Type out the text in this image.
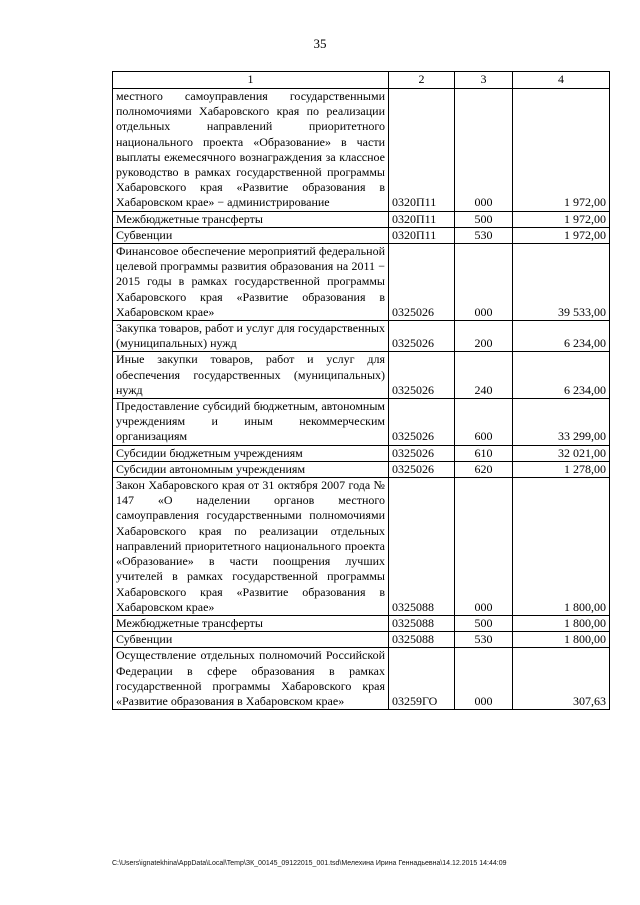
35
1	2	3	4
местного самоуправления государственными полномочиями Хабаровского края по реализации отдельных направлений приоритетного национального проекта «Образование» в части выплаты ежемесячного вознаграждения за классное руководство в рамках государственной программы Хабаровского края «Развитие образования в Хабаровском крае» − администрирование	0320П11	000	1 972,00
Межбюджетные трансферты	0320П11	500	1 972,00
Субвенции	0320П11	530	1 972,00
Финансовое обеспечение мероприятий федеральной целевой программы развития образования на 2011 − 2015 годы в рамках государственной программы Хабаровского края «Развитие образования в Хабаровском крае»	0325026	000	39 533,00
Закупка товаров, работ и услуг для государственных (муниципальных) нужд	0325026	200	6 234,00
Иные закупки товаров, работ и услуг для обеспечения государственных (муниципальных) нужд	0325026	240	6 234,00
Предоставление субсидий бюджетным, автономным учреждениям и иным некоммерческим организациям	0325026	600	33 299,00
Субсидии бюджетным учреждениям	0325026	610	32 021,00
Субсидии автономным учреждениям	0325026	620	1 278,00
Закон Хабаровского края от 31 октября 2007 года № 147 «О наделении органов местного самоуправления государственными полномочиями Хабаровского края по реализации отдельных направлений приоритетного национального проекта «Образование» в части поощрения лучших учителей в рамках государственной программы Хабаровского края «Развитие образования в Хабаровском крае»	0325088	000	1 800,00
Межбюджетные трансферты	0325088	500	1 800,00
Субвенции	0325088	530	1 800,00
Осуществление отдельных полномочий Российской Федерации в сфере образования в рамках государственной программы Хабаровского края «Развитие образования в Хабаровском крае»	03259ГО	000	307,63
C:\Users\ignatekhina\AppData\Local\Temp\ЗК_00145_09122015_001.tsd\Мелехина Ирина Геннадьевна\14.12.2015 14:44:09
